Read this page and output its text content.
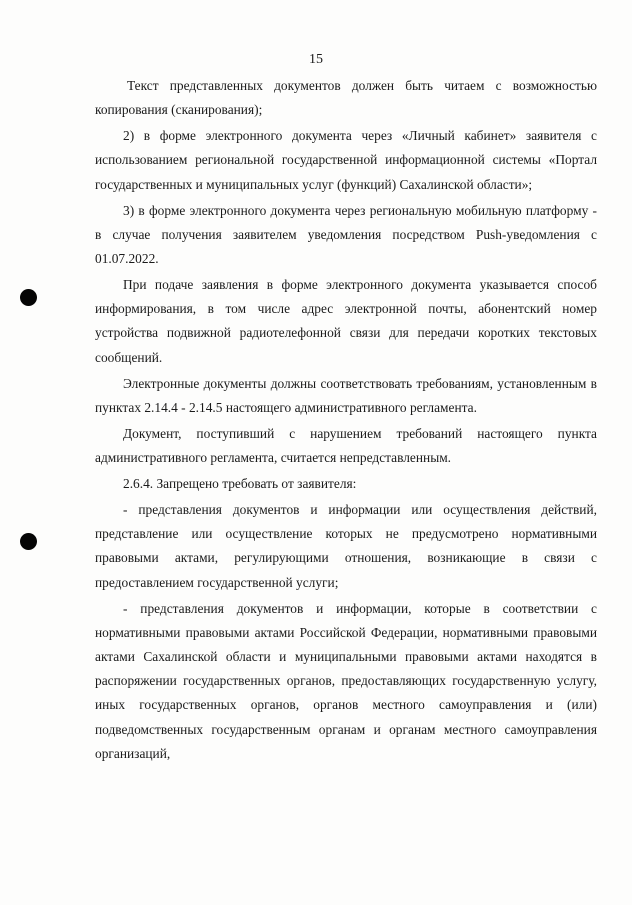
15

Текст представленных документов должен быть читаем с возможностью копирования (сканирования);

2) в форме электронного документа через «Личный кабинет» заявителя с использованием региональной государственной информационной системы «Портал государственных и муниципальных услуг (функций) Сахалинской области»;

3) в форме электронного документа через региональную мобильную платформу - в случае получения заявителем уведомления посредством Push-уведомления с 01.07.2022.

При подаче заявления в форме электронного документа указывается способ информирования, в том числе адрес электронной почты, абонентский номер устройства подвижной радиотелефонной связи для передачи коротких текстовых сообщений.

Электронные документы должны соответствовать требованиям, установленным в пунктах 2.14.4 - 2.14.5 настоящего административного регламента.

Документ, поступивший с нарушением требований настоящего пункта административного регламента, считается непредставленным.

2.6.4. Запрещено требовать от заявителя:

- представления документов и информации или осуществления действий, представление или осуществление которых не предусмотрено нормативными правовыми актами, регулирующими отношения, возникающие в связи с предоставлением государственной услуги;

- представления документов и информации, которые в соответствии с нормативными правовыми актами Российской Федерации, нормативными правовыми актами Сахалинской области и муниципальными правовыми актами находятся в распоряжении государственных органов, предоставляющих государственную услугу, иных государственных органов, органов местного самоуправления и (или) подведомственных государственным органам и органам местного самоуправления организаций,
